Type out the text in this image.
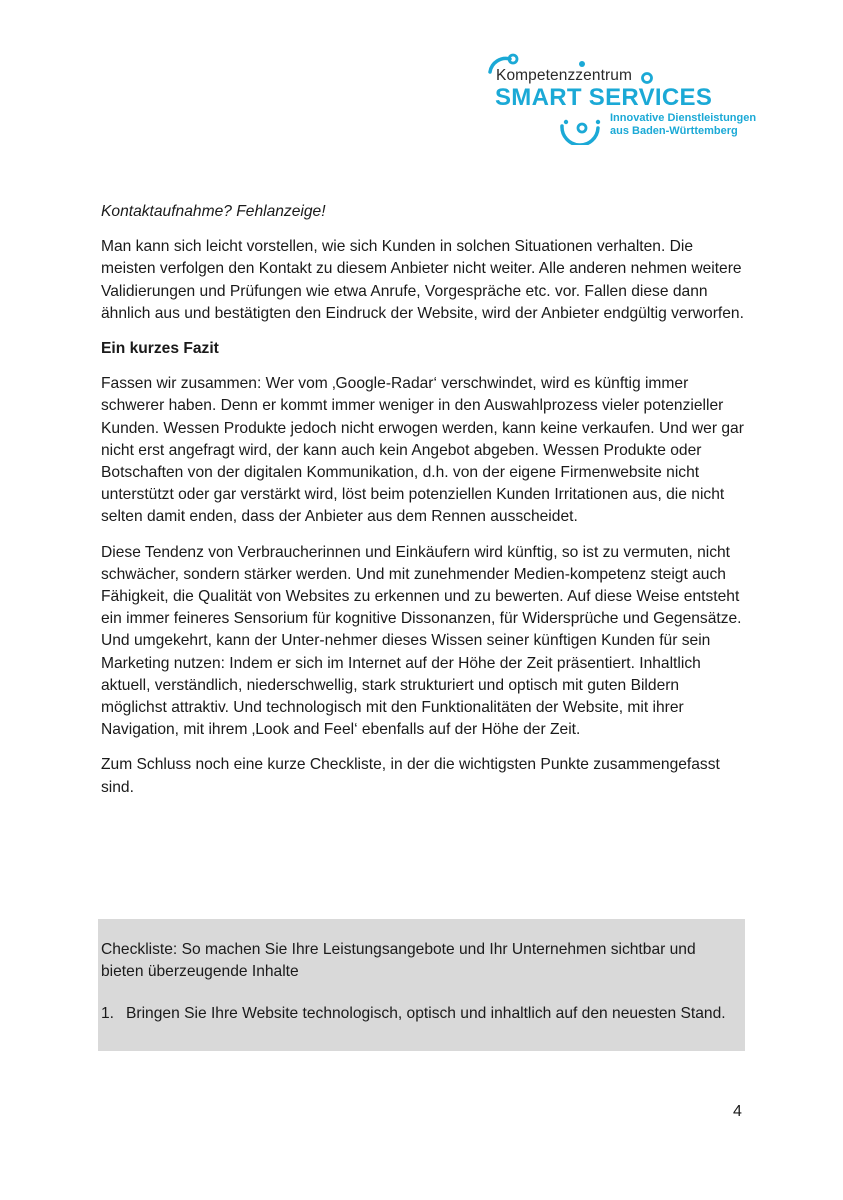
Kompetenzzentrum
SMART SERVICES
Innovative Dienstleistungen
aus Baden-Württemberg

Kontaktaufnahme? Fehlanzeige!

Man kann sich leicht vorstellen, wie sich Kunden in solchen Situationen verhalten. Die meisten verfolgen den Kontakt zu diesem Anbieter nicht weiter. Alle anderen nehmen weitere Validierungen und Prüfungen wie etwa Anrufe, Vorgespräche etc. vor. Fallen diese dann ähnlich aus und bestätigten den Eindruck der Website, wird der Anbieter endgültig verworfen.

Ein kurzes Fazit

Fassen wir zusammen: Wer vom ‚Google-Radar‘ verschwindet, wird es künftig immer schwerer haben. Denn er kommt immer weniger in den Auswahlprozess vieler potenzieller Kunden. Wessen Produkte jedoch nicht erwogen werden, kann keine verkaufen. Und wer gar nicht erst angefragt wird, der kann auch kein Angebot abgeben. Wessen Produkte oder Botschaften von der digitalen Kommunikation, d.h. von der eigene Firmenwebsite nicht unterstützt oder gar verstärkt wird, löst beim potenziellen Kunden Irritationen aus, die nicht selten damit enden, dass der Anbieter aus dem Rennen ausscheidet.

Diese Tendenz von Verbraucherinnen und Einkäufern wird künftig, so ist zu vermuten, nicht schwächer, sondern stärker werden. Und mit zunehmender Medien-kompetenz steigt auch Fähigkeit, die Qualität von Websites zu erkennen und zu bewerten. Auf diese Weise entsteht ein immer feineres Sensorium für kognitive Dissonanzen, für Widersprüche und Gegensätze. Und umgekehrt, kann der Unter-nehmer dieses Wissen seiner künftigen Kunden für sein Marketing nutzen: Indem er sich im Internet auf der Höhe der Zeit präsentiert. Inhaltlich aktuell, verständlich, niederschwellig, stark strukturiert und optisch mit guten Bildern möglichst attraktiv. Und technologisch mit den Funktionalitäten der Website, mit ihrer Navigation, mit ihrem ‚Look and Feel‘ ebenfalls auf der Höhe der Zeit.

Zum Schluss noch eine kurze Checkliste, in der die wichtigsten Punkte zusammengefasst sind.

Checkliste: So machen Sie Ihre Leistungsangebote und Ihr Unternehmen sichtbar und bieten überzeugende Inhalte
1. Bringen Sie Ihre Website technologisch, optisch und inhaltlich auf den neuesten Stand.
4
